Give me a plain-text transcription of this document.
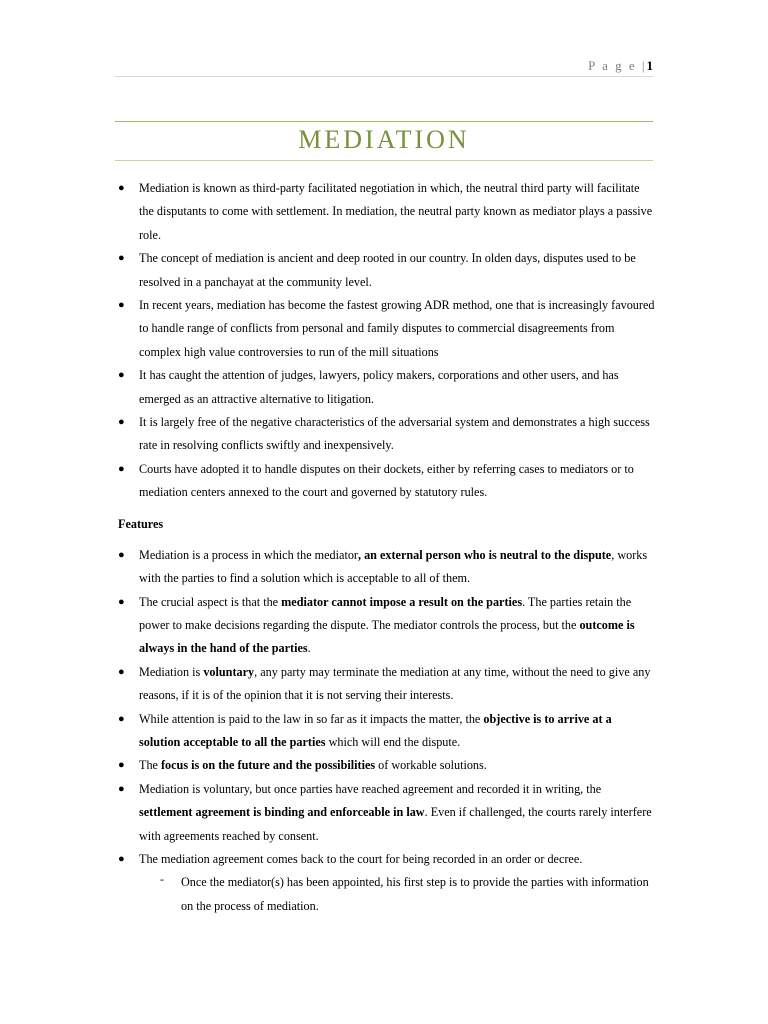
P a g e |1
MEDIATION
● Mediation is known as third-party facilitated negotiation in which, the neutral third party will facilitate the disputants to come with settlement. In mediation, the neutral party known as mediator plays a passive role.
● The concept of mediation is ancient and deep rooted in our country. In olden days, disputes used to be resolved in a panchayat at the community level.
● In recent years, mediation has become the fastest growing ADR method, one that is increasingly favoured to handle range of conflicts from personal and family disputes to commercial disagreements from complex high value controversies to run of the mill situations
● It has caught the attention of judges, lawyers, policy makers, corporations and other users, and has emerged as an attractive alternative to litigation.
● It is largely free of the negative characteristics of the adversarial system and demonstrates a high success rate in resolving conflicts swiftly and inexpensively.
● Courts have adopted it to handle disputes on their dockets, either by referring cases to mediators or to mediation centers annexed to the court and governed by statutory rules.
Features
● Mediation is a process in which the mediator, an external person who is neutral to the dispute, works with the parties to find a solution which is acceptable to all of them.
● The crucial aspect is that the mediator cannot impose a result on the parties. The parties retain the power to make decisions regarding the dispute. The mediator controls the process, but the outcome is always in the hand of the parties.
● Mediation is voluntary, any party may terminate the mediation at any time, without the need to give any reasons, if it is of the opinion that it is not serving their interests.
● While attention is paid to the law in so far as it impacts the matter, the objective is to arrive at a solution acceptable to all the parties which will end the dispute.
● The focus is on the future and the possibilities of workable solutions.
● Mediation is voluntary, but once parties have reached agreement and recorded it in writing, the settlement agreement is binding and enforceable in law. Even if challenged, the courts rarely interfere with agreements reached by consent.
● The mediation agreement comes back to the court for being recorded in an order or decree.
- Once the mediator(s) has been appointed, his first step is to provide the parties with information on the process of mediation.
